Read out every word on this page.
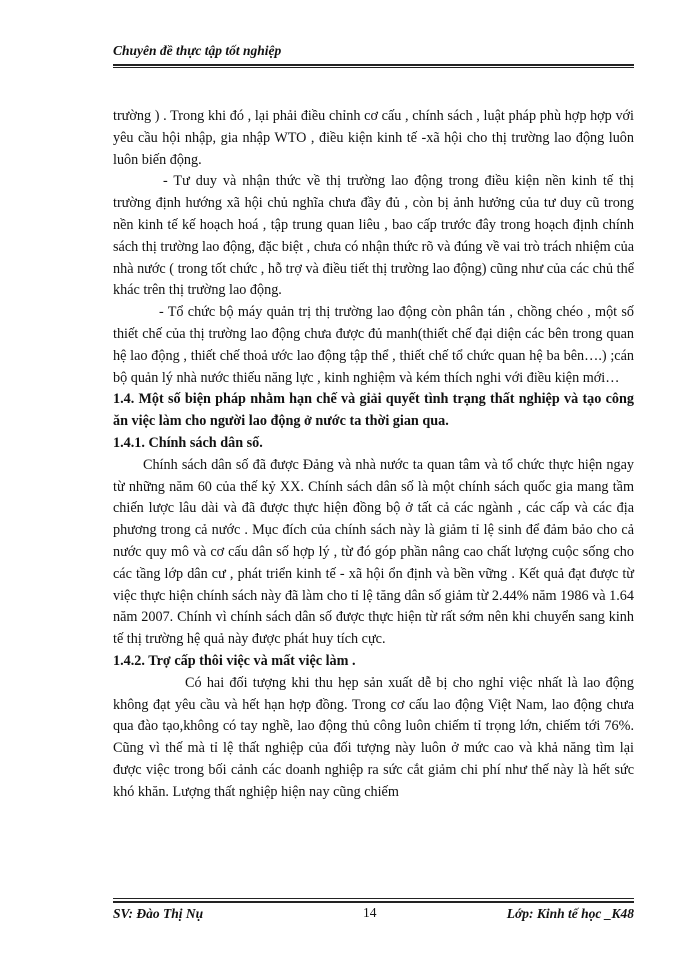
Chuyên đề thực tập tốt nghiệp

trường ) . Trong khi đó , lại phải điều chỉnh cơ cấu , chính sách , luật pháp phù hợp hợp với yêu cầu hội nhập, gia nhập WTO , điều kiện kinh tế -xã hội cho thị trường lao động luôn luôn biến động.

- Tư duy và nhận thức về thị trường lao động trong điều kiện nền kinh tế thị trường định hướng xã hội chủ nghĩa chưa đầy đủ , còn bị ảnh hưởng của tư duy cũ trong nền kinh tế kế hoạch hoá , tập trung quan liêu , bao cấp trước đây trong hoạch định chính sách thị trường lao động, đặc biệt , chưa có nhận thức rõ và đúng về vai trò trách nhiệm của nhà nước ( trong tốt chức , hỗ trợ và điều tiết thị trường lao động) cũng như của các chủ thể khác trên thị trường lao động.

- Tổ chức bộ máy quản trị thị trường lao động còn phân tán , chồng chéo , một số thiết chế của thị trường lao động chưa được đủ manh(thiết chế đại diện các bên trong quan hệ lao động , thiết chế thoả ước lao động tập thể , thiết chế tổ chức quan hệ ba bên….) ;cán bộ quản lý nhà nước thiếu năng lực , kinh nghiệm và kém thích nghi với điều kiện mới…

1.4. Một số biện pháp nhằm hạn chế và giải quyết tình trạng thất nghiệp và tạo công ăn việc làm cho người lao động ở nước ta thời gian qua.

1.4.1. Chính sách dân số.

Chính sách dân số đã được Đảng và nhà nước ta quan tâm và tổ chức thực hiện ngay từ những năm 60 của thế kỷ XX. Chính sách dân số là một chính sách quốc gia mang tầm chiến lược lâu dài và đã được thực hiện đồng bộ ở tất cả các ngành , các cấp và các địa phương trong cả nước . Mục đích của chính sách này là giảm tỉ lệ sinh để đảm bảo cho cả nước quy mô và cơ cấu dân số hợp lý , từ đó góp phần nâng cao chất lượng cuộc sống cho các tầng lớp dân cư , phát triển kinh tế - xã hội ổn định và bền vững . Kết quả đạt được từ việc thực hiện chính sách này đã làm cho tỉ lệ tăng dân số giảm từ 2.44% năm 1986 và 1.64 năm 2007. Chính vì chính sách dân số được thực hiện từ rất sớm nên khi chuyển sang kinh tế thị trường hệ quả này được phát huy tích cực.

1.4.2. Trợ cấp thôi việc và mất việc làm .

Có hai đối tượng khi thu hẹp sản xuất dễ bị cho nghỉ việc nhất là lao động không đạt yêu cầu và hết hạn hợp đồng. Trong cơ cấu lao động Việt Nam, lao động chưa qua đào tạo,không có tay nghề, lao động thủ công luôn chiếm tỉ trọng lớn, chiếm tới 76%. Cũng vì thế mà tỉ lệ thất nghiệp của đối tượng này luôn ở mức cao và khả năng tìm lại được việc trong bối cảnh các doanh nghiệp ra sức cắt giảm chi phí như thế này là hết sức khó khăn. Lượng thất nghiệp hiện nay cũng chiếm

SV: Đào Thị Nụ	14	Lớp: Kinh tế học _K48
